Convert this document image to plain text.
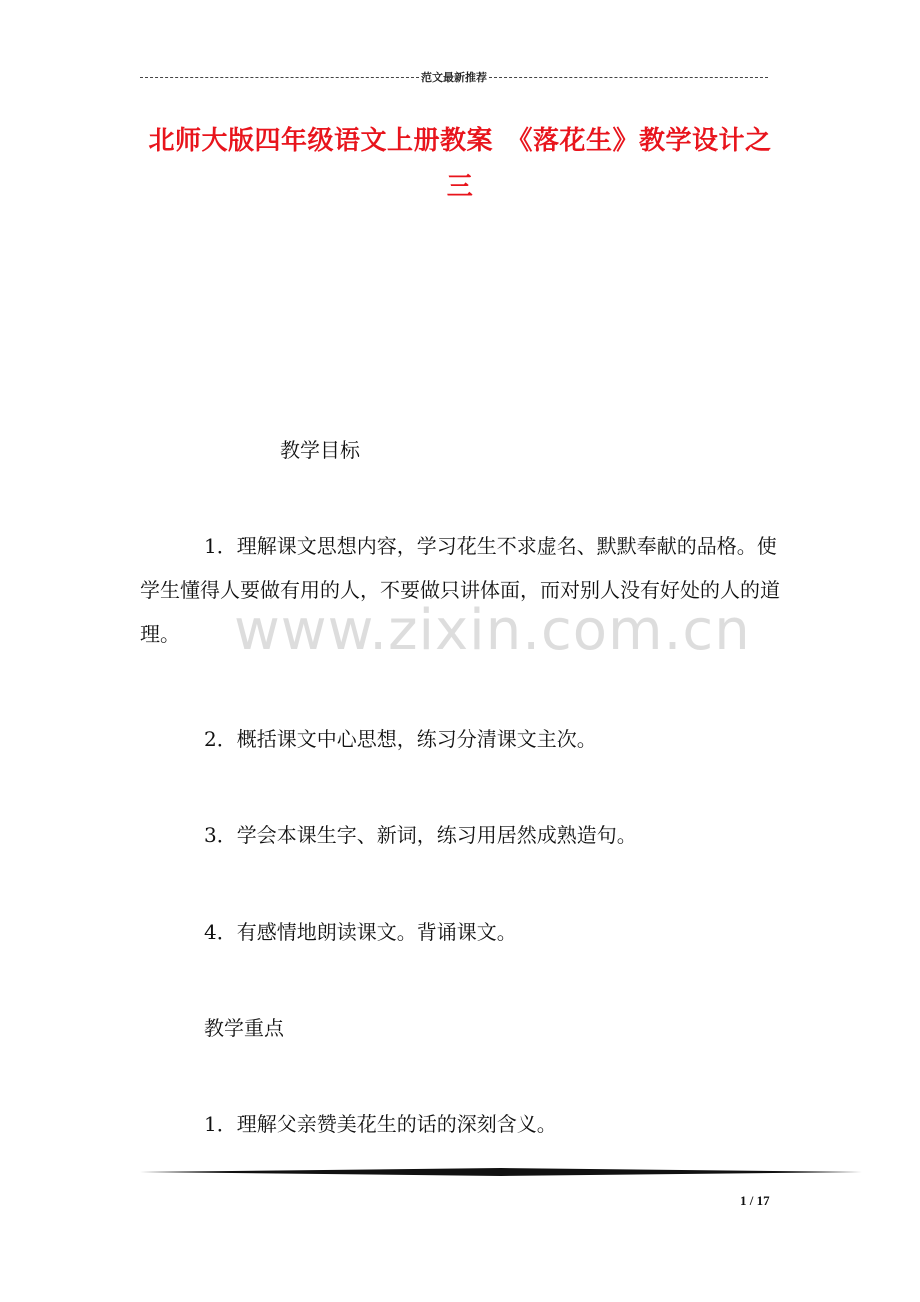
范文最新推荐
北师大版四年级语文上册教案　《落花生》教学设计之三
教学目标
1．理解课文思想内容，学习花生不求虚名、默默奉献的品格。使学生懂得人要做有用的人，不要做只讲体面，而对别人没有好处的人的道理。
2．概括课文中心思想，练习分清课文主次。
3．学会本课生字、新词，练习用居然成熟造句。
4．有感情地朗读课文。背诵课文。
教学重点
1．理解父亲赞美花生的话的深刻含义。
www.zixin.com.cn
1 / 17
